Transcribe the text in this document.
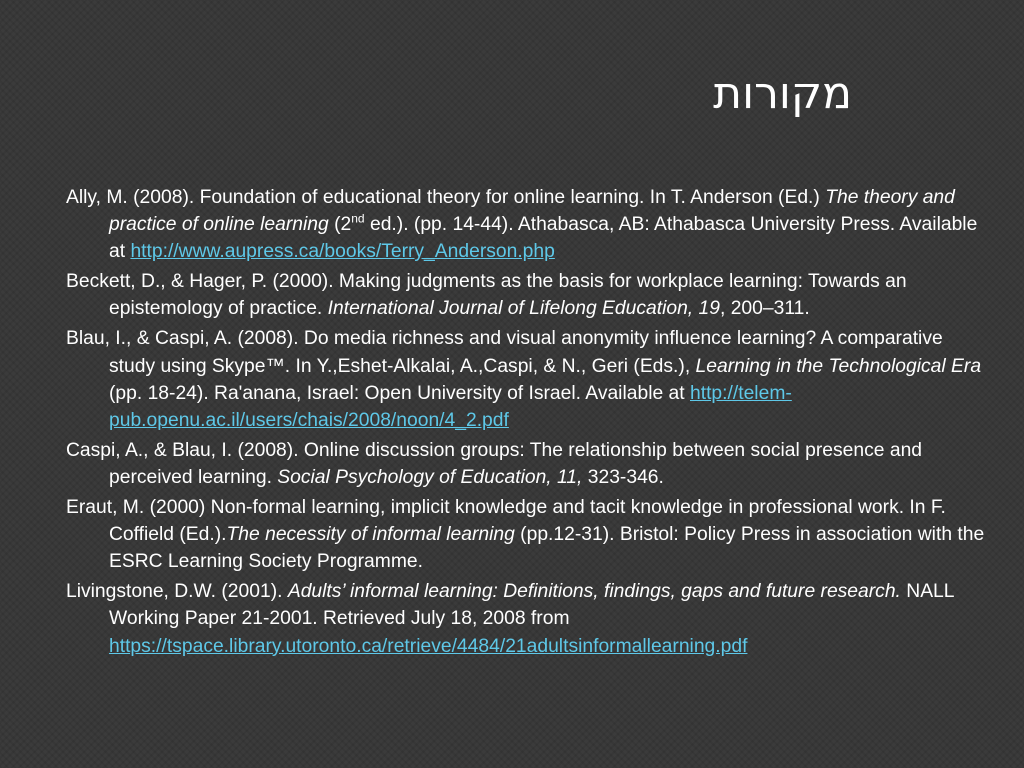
מקורות

Ally, M. (2008). Foundation of educational theory for online learning. In T. Anderson (Ed.) The theory and practice of online learning (2nd ed.). (pp. 14-44). Athabasca, AB: Athabasca University Press. Available at http://www.aupress.ca/books/Terry_Anderson.php

Beckett, D., & Hager, P. (2000). Making judgments as the basis for workplace learning: Towards an epistemology of practice. International Journal of Lifelong Education, 19, 200–311.

Blau, I., & Caspi, A. (2008). Do media richness and visual anonymity influence learning? A comparative study using Skype™. In Y.,Eshet-Alkalai, A.,Caspi, & N., Geri (Eds.), Learning in the Technological Era (pp. 18-24). Ra'anana, Israel: Open University of Israel. Available at http://telem-pub.openu.ac.il/users/chais/2008/noon/4_2.pdf

Caspi, A., & Blau, I. (2008). Online discussion groups: The relationship between social presence and perceived learning. Social Psychology of Education, 11, 323-346.

Eraut, M. (2000) Non-formal learning, implicit knowledge and tacit knowledge in professional work. In F. Coffield (Ed.).The necessity of informal learning (pp.12-31). Bristol: Policy Press in association with the ESRC Learning Society Programme.

Livingstone, D.W. (2001). Adults’ informal learning: Definitions, findings, gaps and future research. NALL Working Paper 21-2001. Retrieved July 18, 2008 from https://tspace.library.utoronto.ca/retrieve/4484/21adultsinformallearning.pdf
